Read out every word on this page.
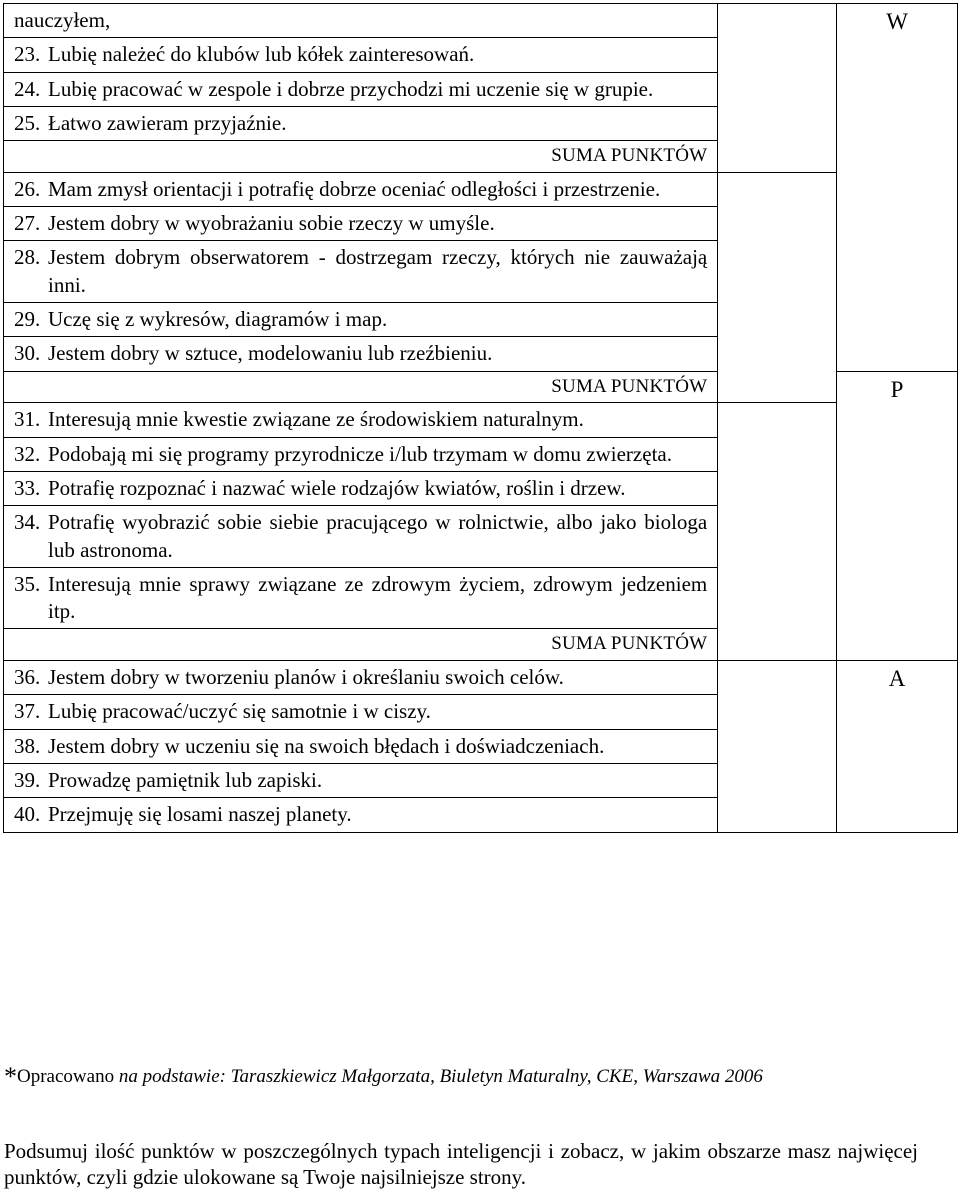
nauczyłem,		W

23. Lubię należeć do klubów lub kółek zainteresowań.		

24. Lubię pracować w zespole i dobrze przychodzi mi uczenie się w grupie.		

25. Łatwo zawieram przyjaźnie.		

SUMA PUNKTÓW		

26. Mam zmysł orientacji i potrafię dobrze oceniać odległości i przestrzenie.		

27. Jestem dobry w wyobrażaniu sobie rzeczy w umyśle.		

28. Jestem dobrym obserwatorem - dostrzegam rzeczy, których nie zauważają inni.		

29. Uczę się z wykresów, diagramów i map.		

30. Jestem dobry w sztuce, modelowaniu lub rzeźbieniu.		

SUMA PUNKTÓW		P

31. Interesują mnie kwestie związane ze środowiskiem naturalnym.		

32. Podobają mi się programy przyrodnicze i/lub trzymam w domu zwierzęta.		

33. Potrafię rozpoznać i nazwać wiele rodzajów kwiatów, roślin i drzew.		

34. Potrafię wyobrazić sobie siebie pracującego w rolnictwie, albo jako biologa lub astronoma.		

35. Interesują mnie sprawy związane ze zdrowym życiem, zdrowym jedzeniem itp.		

SUMA PUNKTÓW		

36. Jestem dobry w tworzeniu planów i określaniu swoich celów.		A

37. Lubię pracować/uczyć się samotnie i w ciszy.		

38. Jestem dobry w uczeniu się na swoich błędach i doświadczeniach.		

39. Prowadzę pamiętnik lub zapiski.		

40. Przejmuję się losami naszej planety.		
*Opracowano na podstawie: Taraszkiewicz Małgorzata, Biuletyn Maturalny, CKE, Warszawa 2006
Podsumuj ilość punktów w poszczególnych typach inteligencji i zobacz, w jakim obszarze masz najwięcej punktów, czyli gdzie ulokowane są Twoje najsilniejsze strony.
